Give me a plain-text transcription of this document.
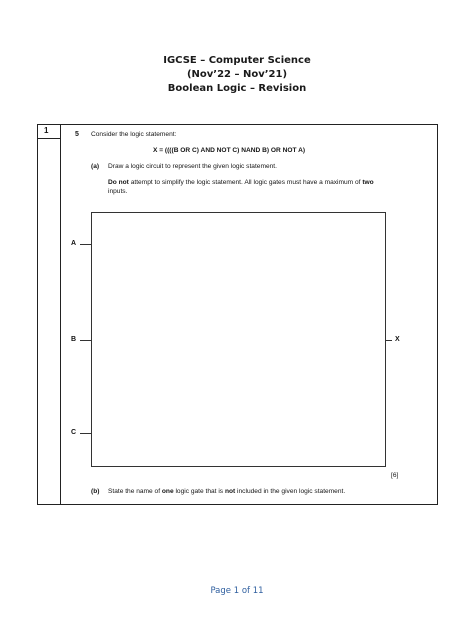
IGCSE – Computer Science
(Nov’22 – Nov’21)
Boolean Logic – Revision
1	5 Consider the logic statement:
X = ((((B OR C) AND NOT C) NAND B) OR NOT A)
(a) Draw a logic circuit to represent the given logic statement.
Do not attempt to simplify the logic statement. All logic gates must have a maximum of two
inputs.
A
B
C
X
[6]
(b) State the name of one logic gate that is not included in the given logic statement.
Page 1 of 11
